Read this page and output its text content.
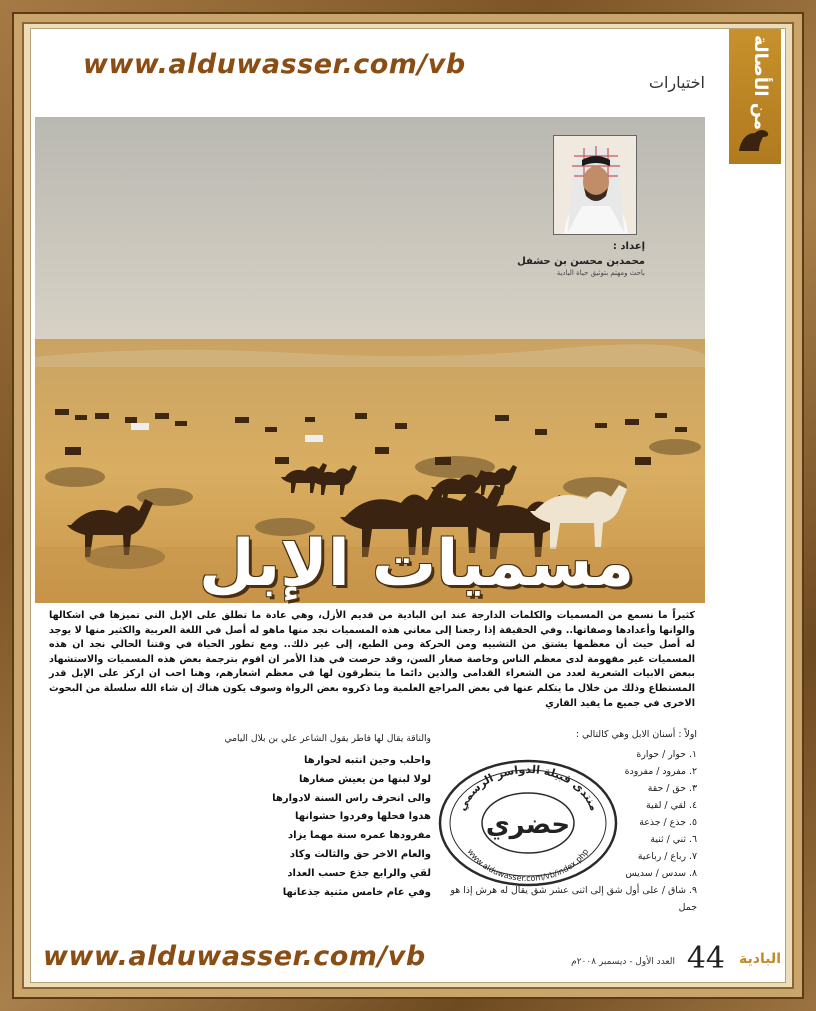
www.alduwasser.com/vb	من الأصالة
اختيارات
إعداد :
محمدبن محسن بن حشفل
باحث ومهتم بتوثيق حياة البادية
مسميات الإبل
كثيراً ما نسمع من المسميات والكلمات الدارجة عند ابن البادية من قديم الأزل، وهي عادة ما تطلق على الإبل التي تميزها في اشكالها والوانها وأعدادها وصفاتها.. وفي الحقيقة إذا رجعنا إلى معاني هذه المسميات نجد منها ماهو له أصل في اللغة العربية والكثير منها لا يوجد له أصل حيث أن معظمها يشتق من التشبيه ومن الحركة ومن الطبع، إلى غير ذلك.. ومع تطور الحياة في وقتنا الحالي نجد ان هذه المسميات غير مفهومة لدى معظم الناس وخاصة صغار السن، وقد حرصت في هذا الأمر ان اقوم بترجمة بعض هذه المسميات والاستشهاد ببعض الابيات الشعرية لعدد من الشعراء القدامى والذين دائما ما يتطرقون لها في معظم اشعارهم، وهنا احب ان اركز على الإبل قدر المستطاع وذلك من خلال ما يتكلم عنها في بعض المراجع العلمية وما ذكروه بعض الرواة وسوف يكون هناك إن شاء الله سلسلة من البحوث الاخرى في جميع ما يفيد القاري
اولاً : أسنان الابل وهي كالتالي :
١. حوار / حوارة
٢. مفرود / مفرودة
٣. حق / حقة
٤. لقي / لقية
٥. جذع / جذعة
٦. ثني / ثنية
٧. رباع / رباعية
٨. سدس / سديس
٩. شاق / على أول شق إلى اثنى عشر شق يقال له هرش إذا هو جمل
والناقة يقال لها فاطر يقول الشاعر علي بن بلال اليامي
واحلب وحين انتبه لحوارها
لولا لبنها من يعيش صغارها
والى انحرف راس السنة لادوارها
هدوا فحلها وفردوا حشوانها
مفرودها عمره سنة مهما يزاد
والعام الاخر حق والثالث وكاد
لقي والرابع جذع حسب العداد
وفي عام خامس مثنية جذعانها
منتدى قبيلة الدواسر الرسمي
حضري
www.alduwasser.com/vb/index.php
البادية
44
العدد الأول - ديسمبر ٢٠٠٨م
www.alduwasser.com/vb
